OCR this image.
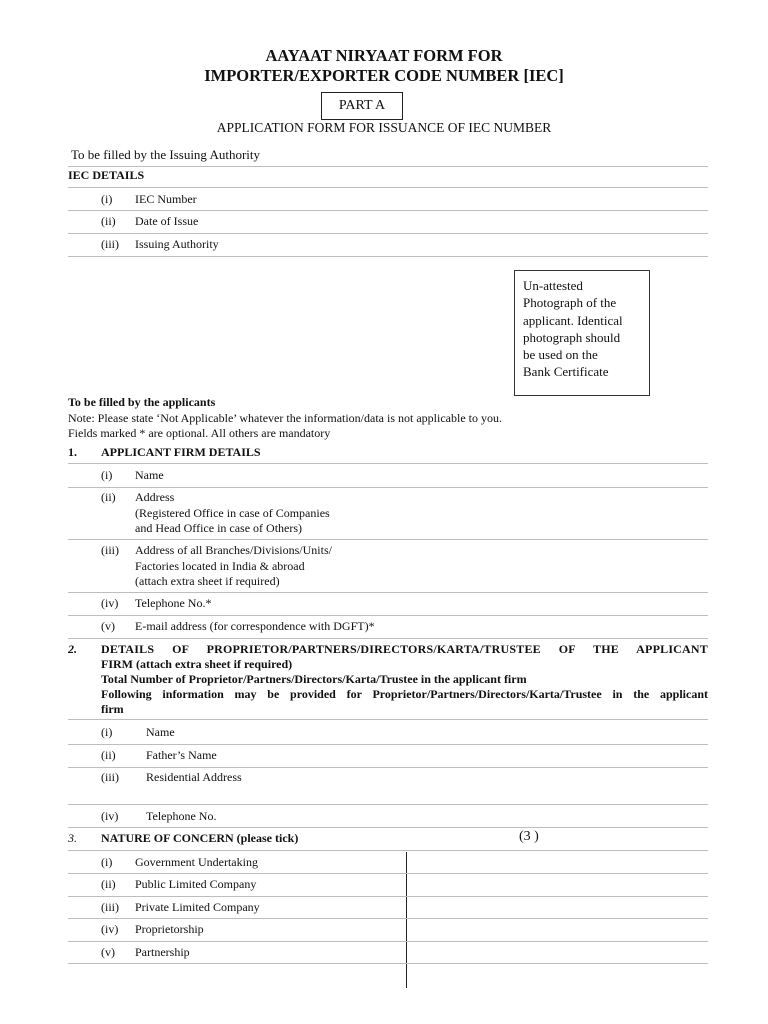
AAYAAT NIRYAAT FORM FOR
IMPORTER/EXPORTER CODE NUMBER [IEC]
PART A
APPLICATION FORM FOR ISSUANCE OF IEC NUMBER
To be filled by the Issuing Authority
IEC DETAILS
(i) IEC Number
(ii) Date of Issue
(iii) Issuing Authority
Un-attested
Photograph of the
applicant. Identical
photograph should
be used on the
Bank Certificate
To be filled by the applicants
Note: Please state ‘Not Applicable’ whatever the information/data is not applicable to you.
Fields marked * are optional. All others are mandatory
1. APPLICANT FIRM DETAILS
(i) Name
(ii) Address
(Registered Office in case of Companies
and Head Office in case of Others)
(iii) Address of all Branches/Divisions/Units/
Factories located in India & abroad
(attach extra sheet if required)
(iv) Telephone No.*
(v) E-mail address (for correspondence with DGFT)*
2. DETAILS OF PROPRIETOR/PARTNERS/DIRECTORS/KARTA/TRUSTEE OF THE APPLICANT
FIRM (attach extra sheet if required)
Total Number of Proprietor/Partners/Directors/Karta/Trustee in the applicant firm
Following information may be provided for Proprietor/Partners/Directors/Karta/Trustee in the applicant
firm
(i)	Name
(ii)	Father’s Name
(iii) Residential Address
(iv) Telephone No.
3. NATURE OF CONCERN (please tick)	(3 )
(i) Government Undertaking
(ii) Public Limited Company
(iii) Private Limited Company
(iv) Proprietorship
(v) Partnership
